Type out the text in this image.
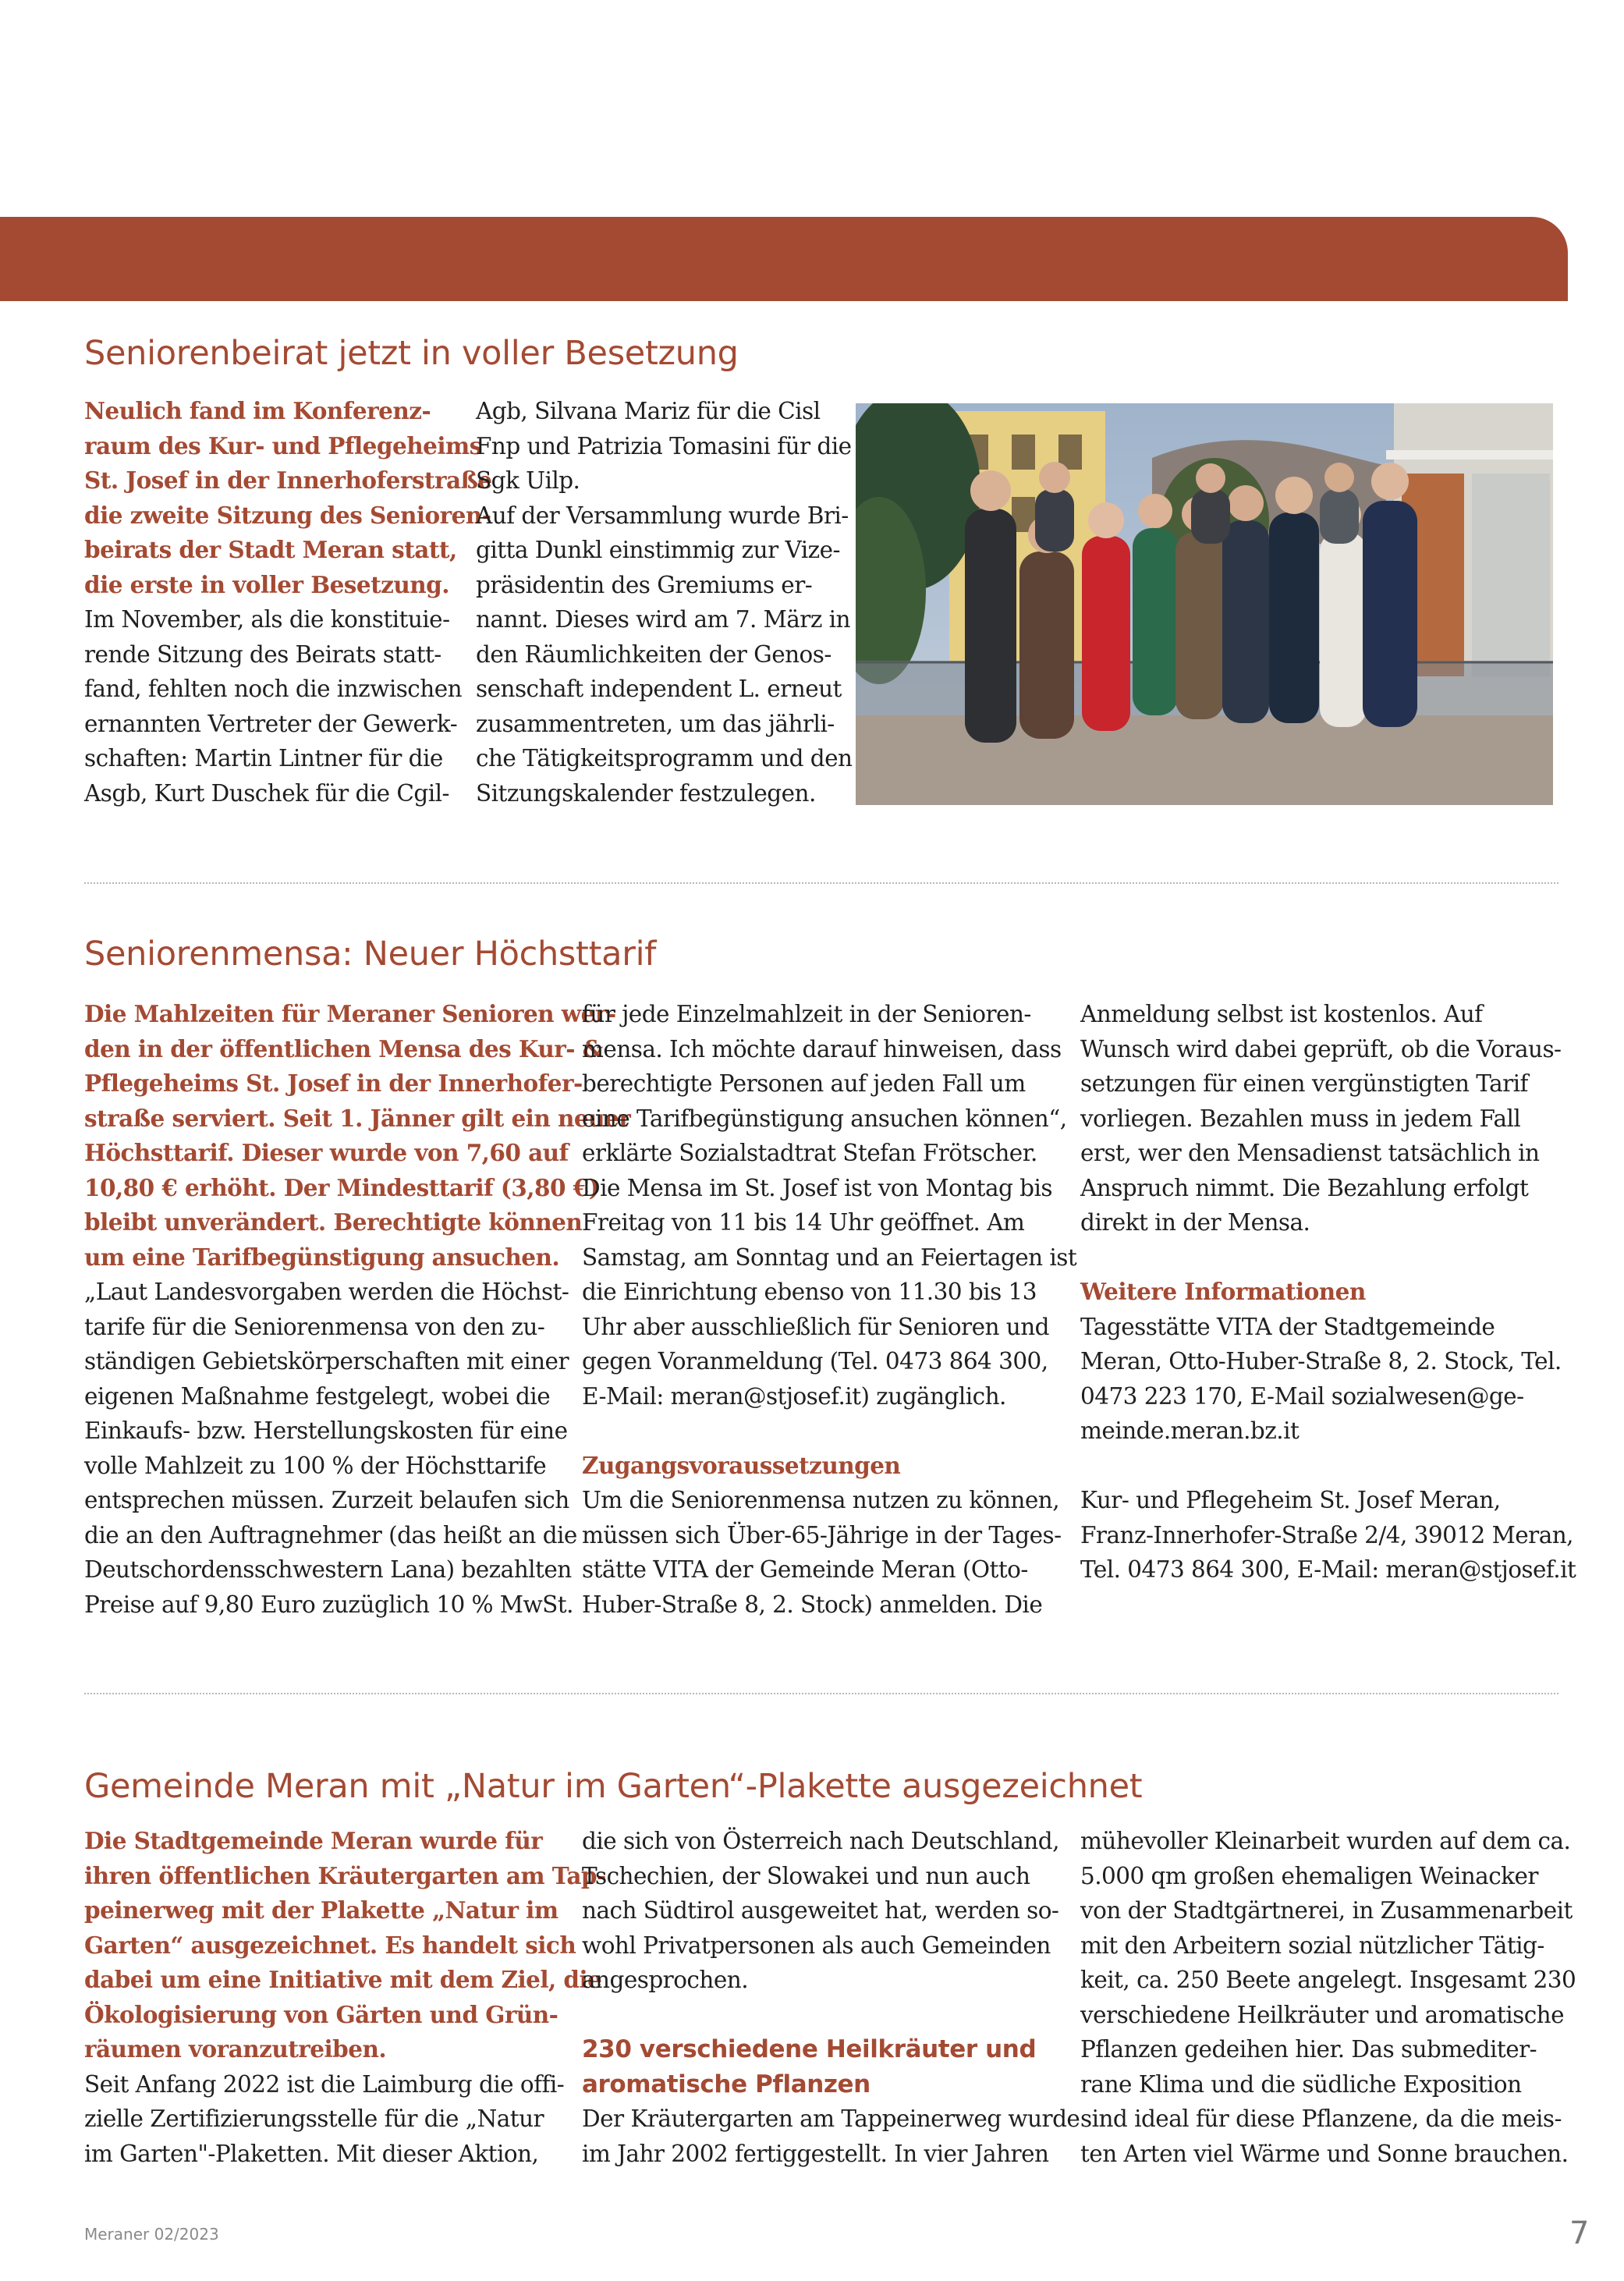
Seniorenbeirat jetzt in voller Besetzung

Neulich fand im Konferenz-

raum des Kur- und Pflegeheims

St. Josef in der Innerhoferstraße

die zweite Sitzung des Senioren-

beirats der Stadt Meran statt,

die erste in voller Besetzung.

Im November, als die konstituie-

rende Sitzung des Beirats statt-

fand, fehlten noch die inzwischen

ernannten Vertreter der Gewerk-

schaften: Martin Lintner für die

Asgb, Kurt Duschek für die Cgil-

Agb, Silvana Mariz für die Cisl

Fnp und Patrizia Tomasini für die

Sgk Uilp.

Auf der Versammlung wurde Bri-

gitta Dunkl einstimmig zur Vize-

präsidentin des Gremiums er-

nannt. Dieses wird am 7. März in

den Räumlichkeiten der Genos-

senschaft independent L. erneut

zusammentreten, um das jährli-

che Tätigkeitsprogramm und den

Sitzungskalender festzulegen.

Seniorenmensa: Neuer Höchsttarif

Die Mahlzeiten für Meraner Senioren wer-

den in der öffentlichen Mensa des Kur- &

Pflegeheims St. Josef in der Innerhofer-

straße serviert. Seit 1. Jänner gilt ein neuer

Höchsttarif. Dieser wurde von 7,60 auf

10,80 € erhöht. Der Mindesttarif (3,80 €)

bleibt unverändert. Berechtigte können

um eine Tarifbegünstigung ansuchen.

„Laut Landesvorgaben werden die Höchst-

tarife für die Seniorenmensa von den zu-

ständigen Gebietskörperschaften mit einer

eigenen Maßnahme festgelegt, wobei die

Einkaufs- bzw. Herstellungskosten für eine

volle Mahlzeit zu 100 % der Höchsttarife

entsprechen müssen. Zurzeit belaufen sich

die an den Auftragnehmer (das heißt an die

Deutschordensschwestern Lana) bezahlten

Preise auf 9,80 Euro zuzüglich 10 % MwSt.

für jede Einzelmahlzeit in der Senioren-

mensa. Ich möchte darauf hinweisen, dass

berechtigte Personen auf jeden Fall um

eine Tarifbegünstigung ansuchen können“,

erklärte Sozialstadtrat Stefan Frötscher.

Die Mensa im St. Josef ist von Montag bis

Freitag von 11 bis 14 Uhr geöffnet. Am

Samstag, am Sonntag und an Feiertagen ist

die Einrichtung ebenso von 11.30 bis 13

Uhr aber ausschließlich für Senioren und

gegen Voranmeldung (Tel. 0473 864 300,

E-Mail: meran@stjosef.it) zugänglich.

Zugangsvoraussetzungen

Um die Seniorenmensa nutzen zu können,

müssen sich Über-65-Jährige in der Tages-

stätte VITA der Gemeinde Meran (Otto-

Huber-Straße 8, 2. Stock) anmelden. Die

Anmeldung selbst ist kostenlos. Auf

Wunsch wird dabei geprüft, ob die Voraus-

setzungen für einen vergünstigten Tarif

vorliegen. Bezahlen muss in jedem Fall

erst, wer den Mensadienst tatsächlich in

Anspruch nimmt. Die Bezahlung erfolgt

direkt in der Mensa.

Weitere Informationen

Tagesstätte VITA der Stadtgemeinde

Meran, Otto-Huber-Straße 8, 2. Stock, Tel.

0473 223 170, E-Mail sozialwesen@ge-

meinde.meran.bz.it

Kur- und Pflegeheim St. Josef Meran,

Franz-Innerhofer-Straße 2/4, 39012 Meran,

Tel. 0473 864 300, E-Mail: meran@stjosef.it

Gemeinde Meran mit „Natur im Garten“-Plakette ausgezeichnet

Die Stadtgemeinde Meran wurde für

ihren öffentlichen Kräutergarten am Tap-

peinerweg mit der Plakette „Natur im

Garten“ ausgezeichnet. Es handelt sich

dabei um eine Initiative mit dem Ziel, die

Ökologisierung von Gärten und Grün-

räumen voranzutreiben.

Seit Anfang 2022 ist die Laimburg die offi-

zielle Zertifizierungsstelle für die „Natur

im Garten"-Plaketten. Mit dieser Aktion,

die sich von Österreich nach Deutschland,

Tschechien, der Slowakei und nun auch

nach Südtirol ausgeweitet hat, werden so-

wohl Privatpersonen als auch Gemeinden

angesprochen.

230 verschiedene Heilkräuter und

aromatische Pflanzen

Der Kräutergarten am Tappeinerweg wurde

im Jahr 2002 fertiggestellt. In vier Jahren

mühevoller Kleinarbeit wurden auf dem ca.

5.000 qm großen ehemaligen Weinacker

von der Stadtgärtnerei, in Zusammenarbeit

mit den Arbeitern sozial nützlicher Tätig-

keit, ca. 250 Beete angelegt. Insgesamt 230

verschiedene Heilkräuter und aromatische

Pflanzen gedeihen hier. Das submediter-

rane Klima und die südliche Exposition

sind ideal für diese Pflanzene, da die meis-

ten Arten viel Wärme und Sonne brauchen.

Meraner 02/2023	7
